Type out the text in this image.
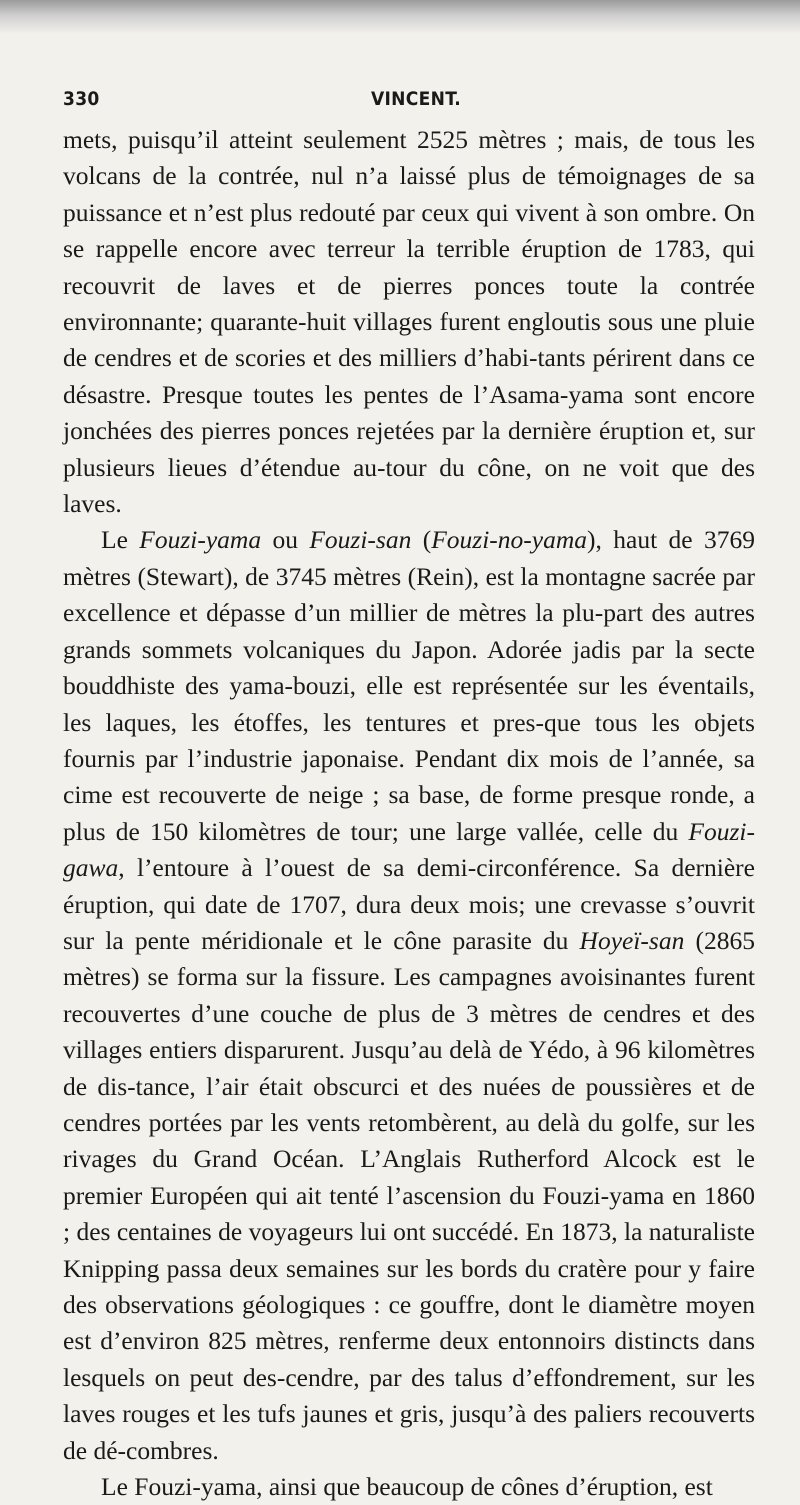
330	VINCENT.

mets, puisqu’il atteint seulement 2525 mètres ; mais, de tous les volcans de la contrée, nul n’a laissé plus de témoignages de sa puissance et n’est plus redouté par ceux qui vivent à son ombre. On se rappelle encore avec terreur la terrible éruption de 1783, qui recouvrit de laves et de pierres ponces toute la contrée environnante; quarante-huit villages furent engloutis sous une pluie de cendres et de scories et des milliers d’habi-tants périrent dans ce désastre. Presque toutes les pentes de l’Asama-yama sont encore jonchées des pierres ponces rejetées par la dernière éruption et, sur plusieurs lieues d’étendue au-tour du cône, on ne voit que des laves.

Le Fouzi-yama ou Fouzi-san (Fouzi-no-yama), haut de 3769 mètres (Stewart), de 3745 mètres (Rein), est la montagne sacrée par excellence et dépasse d’un millier de mètres la plu-part des autres grands sommets volcaniques du Japon. Adorée jadis par la secte bouddhiste des yama-bouzi, elle est représentée sur les éventails, les laques, les étoffes, les tentures et pres-que tous les objets fournis par l’industrie japonaise. Pendant dix mois de l’année, sa cime est recouverte de neige ; sa base, de forme presque ronde, a plus de 150 kilomètres de tour; une large vallée, celle du Fouzi-gawa, l’entoure à l’ouest de sa demi-circonférence. Sa dernière éruption, qui date de 1707, dura deux mois; une crevasse s’ouvrit sur la pente méridionale et le cône parasite du Hoyeï-san (2865 mètres) se forma sur la fissure. Les campagnes avoisinantes furent recouvertes d’une couche de plus de 3 mètres de cendres et des villages entiers disparurent. Jusqu’au delà de Yédo, à 96 kilomètres de dis-tance, l’air était obscurci et des nuées de poussières et de cendres portées par les vents retombèrent, au delà du golfe, sur les rivages du Grand Océan. L’Anglais Rutherford Alcock est le premier Européen qui ait tenté l’ascension du Fouzi-yama en 1860 ; des centaines de voyageurs lui ont succédé. En 1873, la naturaliste Knipping passa deux semaines sur les bords du cratère pour y faire des observations géologiques : ce gouffre, dont le diamètre moyen est d’environ 825 mètres, renferme deux entonnoirs distincts dans lesquels on peut des-cendre, par des talus d’effondrement, sur les laves rouges et les tufs jaunes et gris, jusqu’à des paliers recouverts de dé-combres.

Le Fouzi-yama, ainsi que beaucoup de cônes d’éruption, est
